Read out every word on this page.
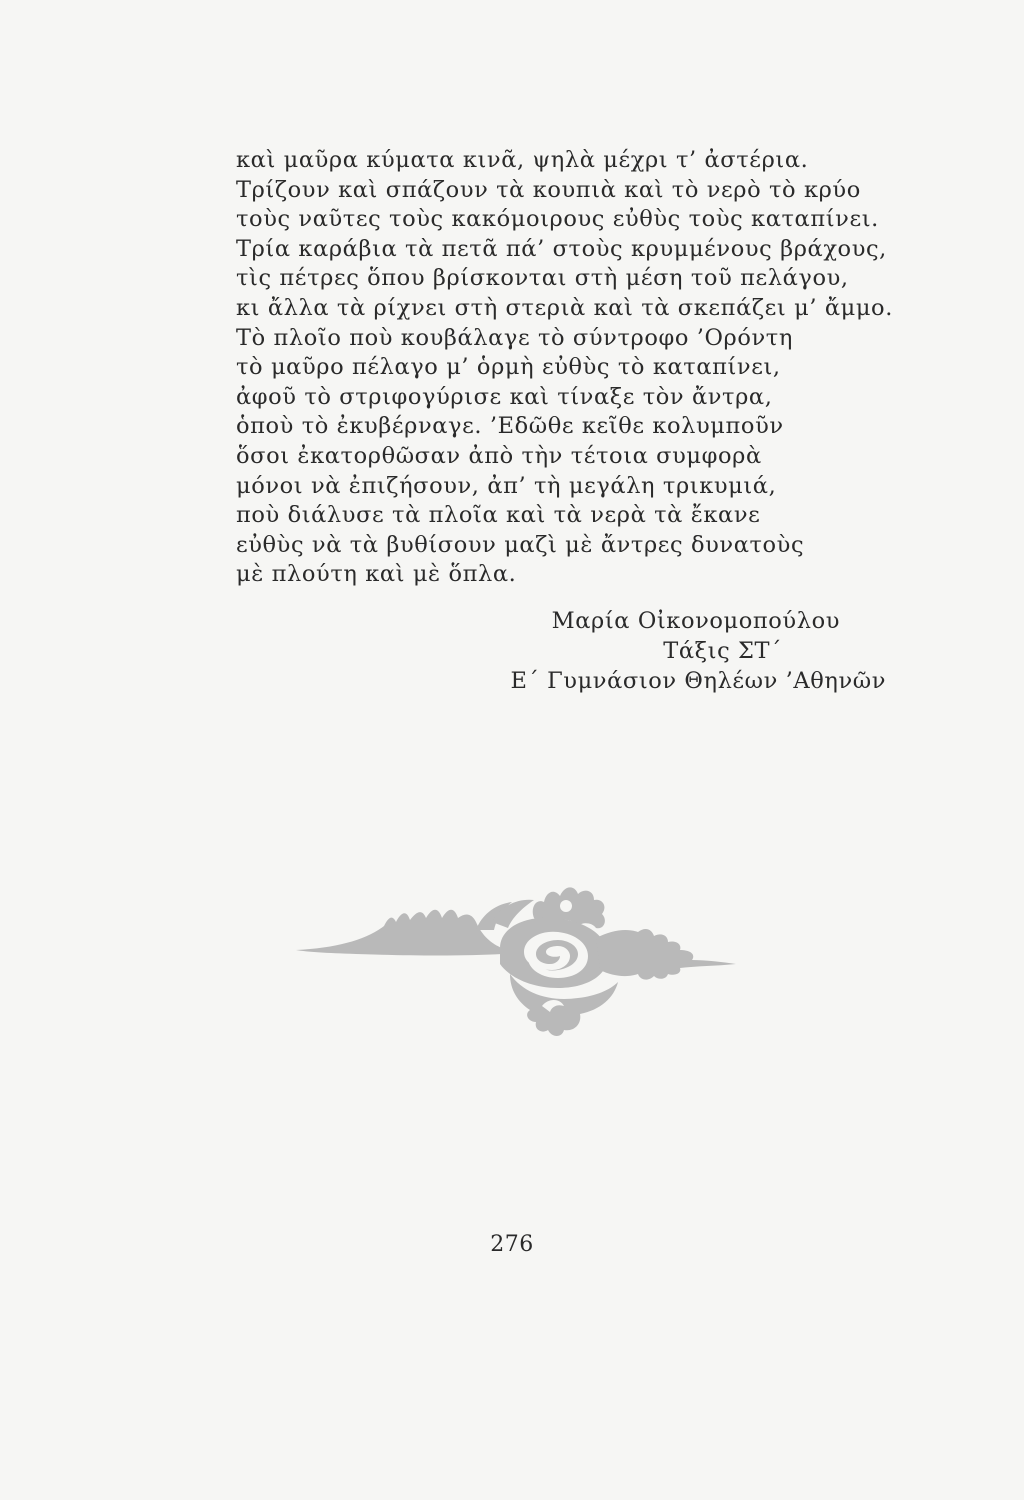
καὶ μαῦρα κύματα κινᾶ, ψηλὰ μέχρι τ’ ἀστέρια.
Τρίζουν καὶ σπάζουν τὰ κουπιὰ καὶ τὸ νερὸ τὸ κρύο
τοὺς ναῦτες τοὺς κακόμοιρους εὐθὺς τοὺς καταπίνει.
Τρία καράβια τὰ πετᾶ πά’ στοὺς κρυμμένους βράχους,
τὶς πέτρες ὅπου βρίσκονται στὴ μέση τοῦ πελάγου,
κι ἄλλα τὰ ρίχνει στὴ στεριὰ καὶ τὰ σκεπάζει μ’ ἄμμο.
Τὸ πλοῖο ποὺ κουβάλαγε τὸ σύντροφο ’Ορόντη
τὸ μαῦρο πέλαγο μ’ ὁρμὴ εὐθὺς τὸ καταπίνει,
ἀφοῦ τὸ στριφογύρισε καὶ τίναξε τὸν ἄντρα,
ὁποὺ τὸ ἐκυβέρναγε. ’Εδῶθε κεῖθε κολυμποῦν
ὅσοι ἐκατορθῶσαν ἀπὸ τὴν τέτοια συμφορὰ
μόνοι νὰ ἐπιζήσουν, ἀπ’ τὴ μεγάλη τρικυμιά,
ποὺ διάλυσε τὰ πλοῖα καὶ τὰ νερὰ τὰ ἔκανε
εὐθὺς νὰ τὰ βυθίσουν μαζὶ μὲ ἄντρες δυνατοὺς
μὲ πλούτη καὶ μὲ ὅπλα.
Μαρία Οἰκονομοπούλου
Τάξις ΣΤ΄
Ε΄ Γυμνάσιον Θηλέων ’Αθηνῶν
276
